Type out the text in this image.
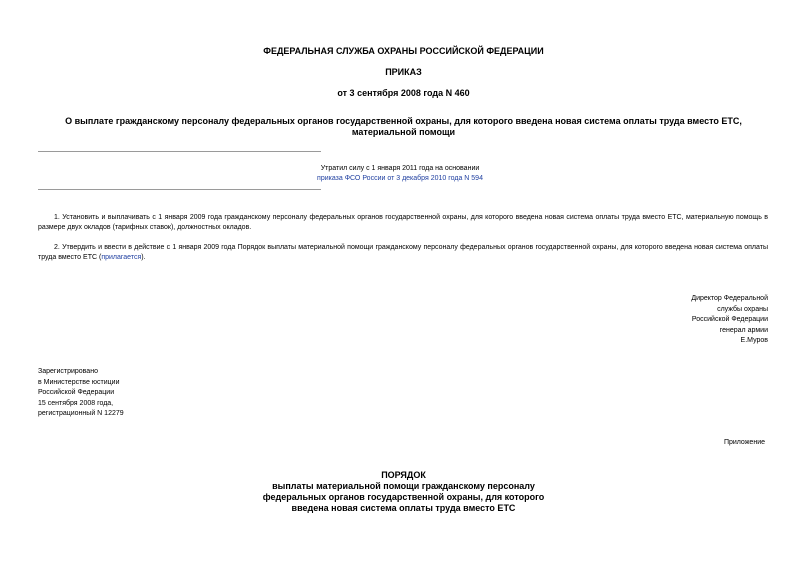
ФЕДЕРАЛЬНАЯ СЛУЖБА ОХРАНЫ РОССИЙСКОЙ ФЕДЕРАЦИИ
ПРИКАЗ
от 3 сентября 2008 года N 460
О выплате гражданскому персоналу федеральных органов государственной охраны, для которого введена новая система оплаты труда вместо ЕТС,
материальной помощи
Утратил силу с 1 января 2011 года на основании
приказа ФСО России от 3 декабря 2010 года N 594
1. Установить и выплачивать с 1 января 2009 года гражданскому персоналу федеральных органов государственной охраны, для которого введена новая система оплаты труда вместо ЕТС, материальную помощь в размере двух окладов (тарифных ставок), должностных окладов.
2. Утвердить и ввести в действие с 1 января 2009 года Порядок выплаты материальной помощи гражданскому персоналу федеральных органов государственной охраны, для которого введена новая система оплаты труда вместо ЕТС (прилагается).
Директор Федеральной
службы охраны
Российской Федерации
генерал армии
Е.Муров
Зарегистрировано
в Министерстве юстиции
Российской Федерации
15 сентября 2008 года,
регистрационный N 12279
Приложение
ПОРЯДОК
выплаты материальной помощи гражданскому персоналу
федеральных органов государственной охраны, для которого
введена новая система оплаты труда вместо ЕТС
